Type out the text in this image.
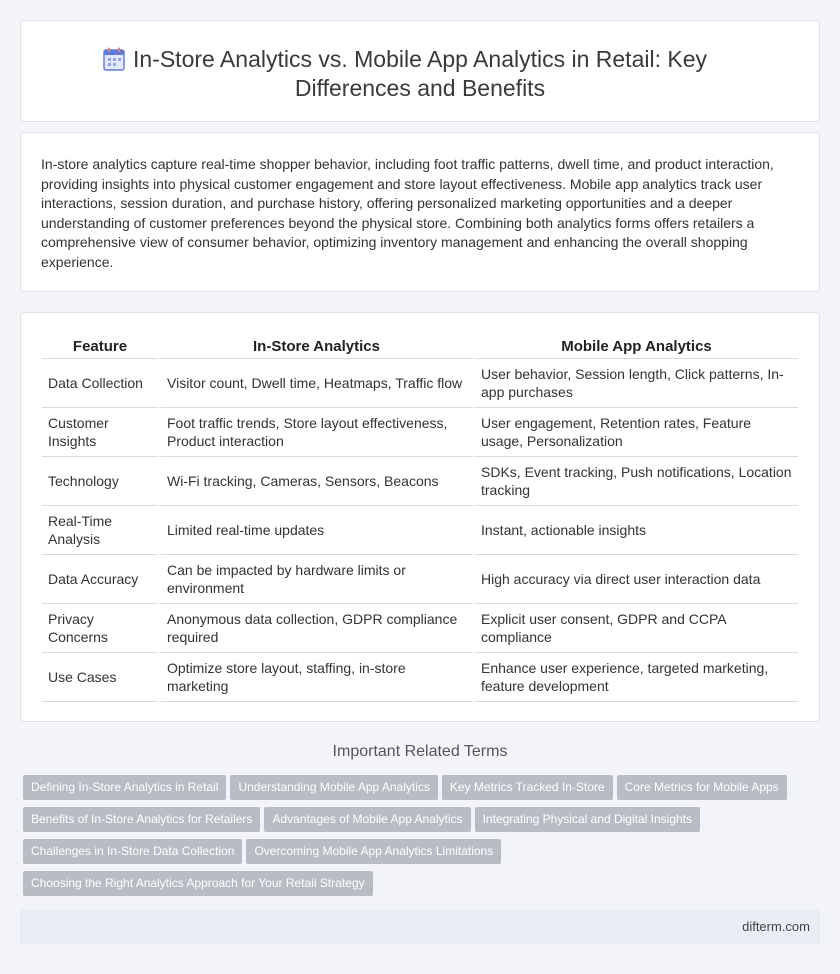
In-Store Analytics vs. Mobile App Analytics in Retail: Key Differences and Benefits
In-store analytics capture real-time shopper behavior, including foot traffic patterns, dwell time, and product interaction, providing insights into physical customer engagement and store layout effectiveness. Mobile app analytics track user interactions, session duration, and purchase history, offering personalized marketing opportunities and a deeper understanding of customer preferences beyond the physical store. Combining both analytics forms offers retailers a comprehensive view of consumer behavior, optimizing inventory management and enhancing the overall shopping experience.
Feature	In-Store Analytics	Mobile App Analytics
Data Collection	Visitor count, Dwell time, Heatmaps, Traffic flow	User behavior, Session length, Click patterns, In-app purchases
Customer Insights	Foot traffic trends, Store layout effectiveness, Product interaction	User engagement, Retention rates, Feature usage, Personalization
Technology	Wi-Fi tracking, Cameras, Sensors, Beacons	SDKs, Event tracking, Push notifications, Location tracking
Real-Time Analysis	Limited real-time updates	Instant, actionable insights
Data Accuracy	Can be impacted by hardware limits or environment	High accuracy via direct user interaction data
Privacy Concerns	Anonymous data collection, GDPR compliance required	Explicit user consent, GDPR and CCPA compliance
Use Cases	Optimize store layout, staffing, in-store marketing	Enhance user experience, targeted marketing, feature development
Important Related Terms
Defining In-Store Analytics in Retail Understanding Mobile App Analytics Key Metrics Tracked In-Store Core Metrics for Mobile Apps
Benefits of In-Store Analytics for Retailers Advantages of Mobile App Analytics Integrating Physical and Digital Insights
Challenges in In-Store Data Collection Overcoming Mobile App Analytics Limitations
Choosing the Right Analytics Approach for Your Retail Strategy
difterm.com
